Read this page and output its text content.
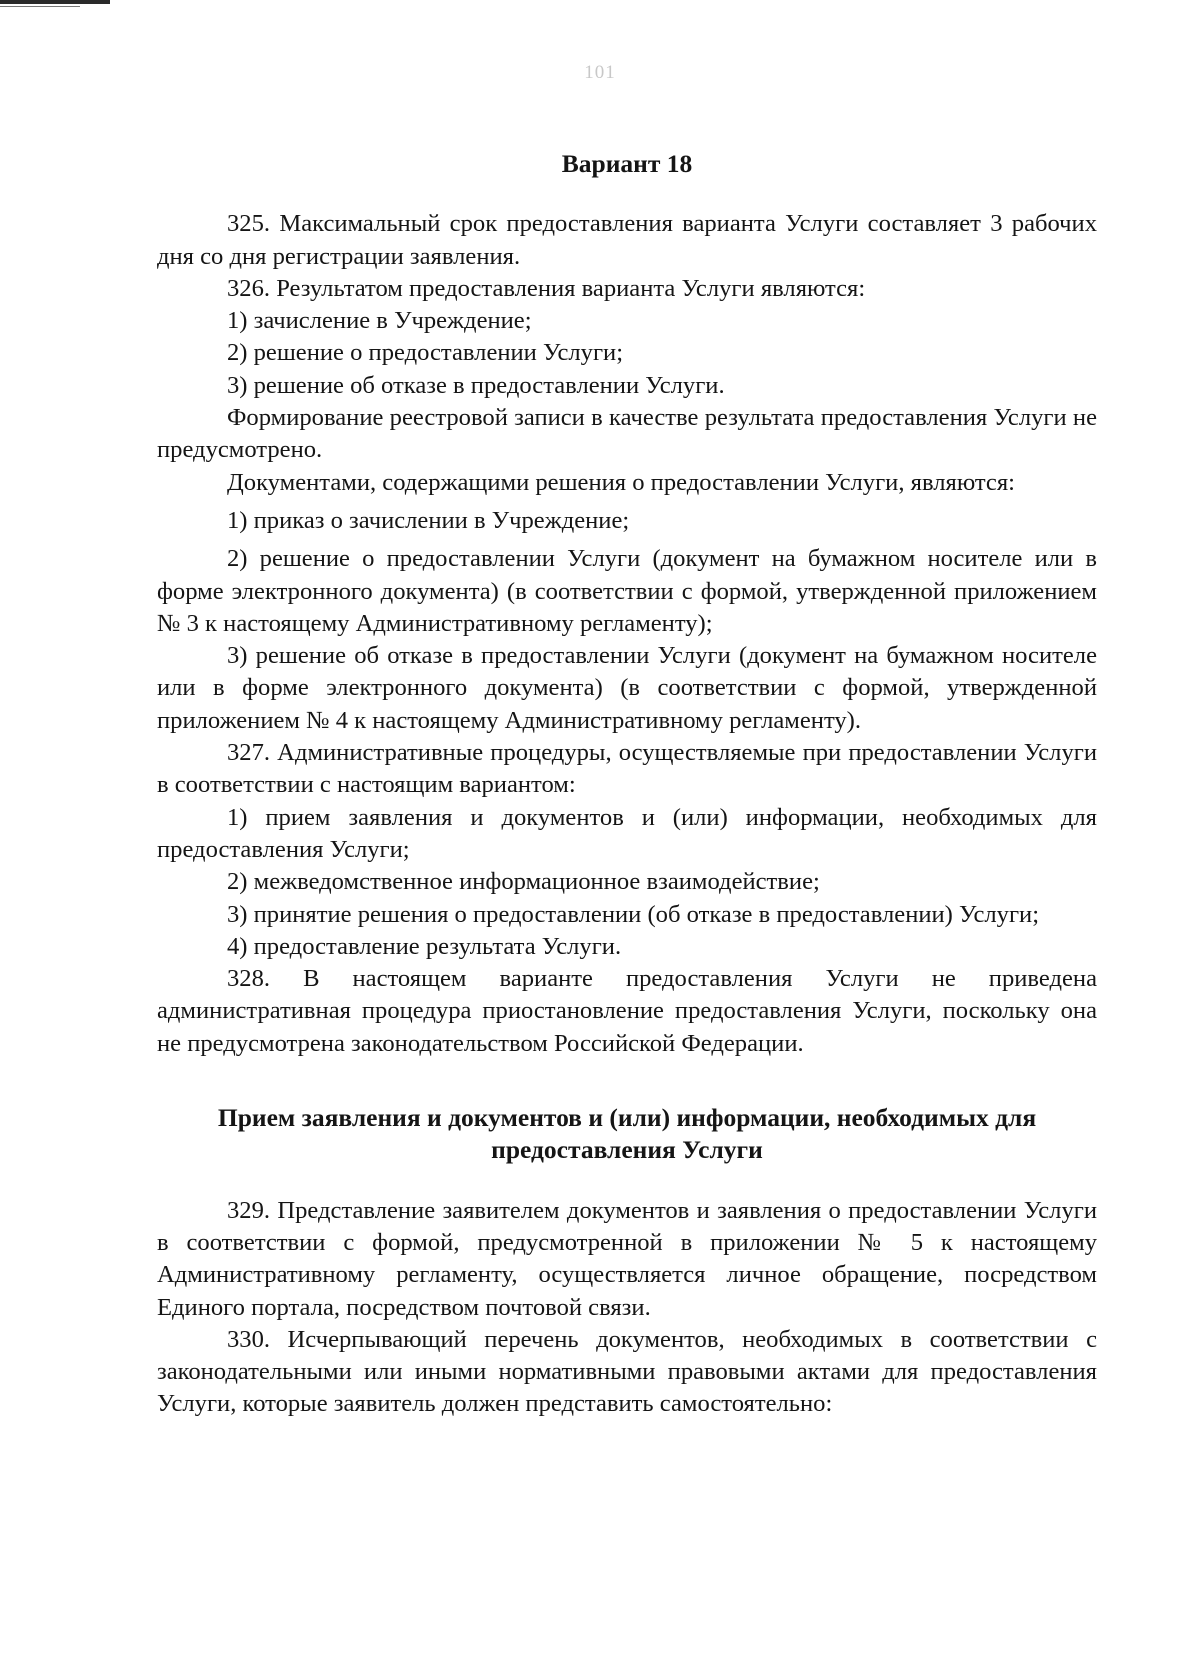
101
Вариант 18

325. Максимальный срок предоставления варианта Услуги составляет 3 рабочих дня со дня регистрации заявления.

326. Результатом предоставления варианта Услуги являются:

1) зачисление в Учреждение;

2) решение о предоставлении Услуги;

3) решение об отказе в предоставлении Услуги.

Формирование реестровой записи в качестве результата предоставления Услуги не предусмотрено.

Документами, содержащими решения о предоставлении Услуги, являются:

1) приказ о зачислении в Учреждение;

2) решение о предоставлении Услуги (документ на бумажном носителе или в форме электронного документа) (в соответствии с формой, утвержденной приложением № 3 к настоящему Административному регламенту);

3) решение об отказе в предоставлении Услуги (документ на бумажном носителе или в форме электронного документа) (в соответствии с формой, утвержденной приложением № 4 к настоящему Административному регламенту).

327. Административные процедуры, осуществляемые при предоставлении Услуги в соответствии с настоящим вариантом:

1) прием заявления и документов и (или) информации, необходимых для предоставления Услуги;

2) межведомственное информационное взаимодействие;

3) принятие решения о предоставлении (об отказе в предоставлении) Услуги;

4) предоставление результата Услуги.

328. В настоящем варианте предоставления Услуги не приведена административная процедура приостановление предоставления Услуги, поскольку она не предусмотрена законодательством Российской Федерации.

Прием заявления и документов и (или) информации, необходимых для предоставления Услуги

329. Представление заявителем документов и заявления о предоставлении Услуги в соответствии с формой, предусмотренной в приложении № 5 к настоящему Административному регламенту, осуществляется личное обращение, посредством Единого портала, посредством почтовой связи.

330. Исчерпывающий перечень документов, необходимых в соответствии с законодательными или иными нормативными правовыми актами для предоставления Услуги, которые заявитель должен представить самостоятельно:
